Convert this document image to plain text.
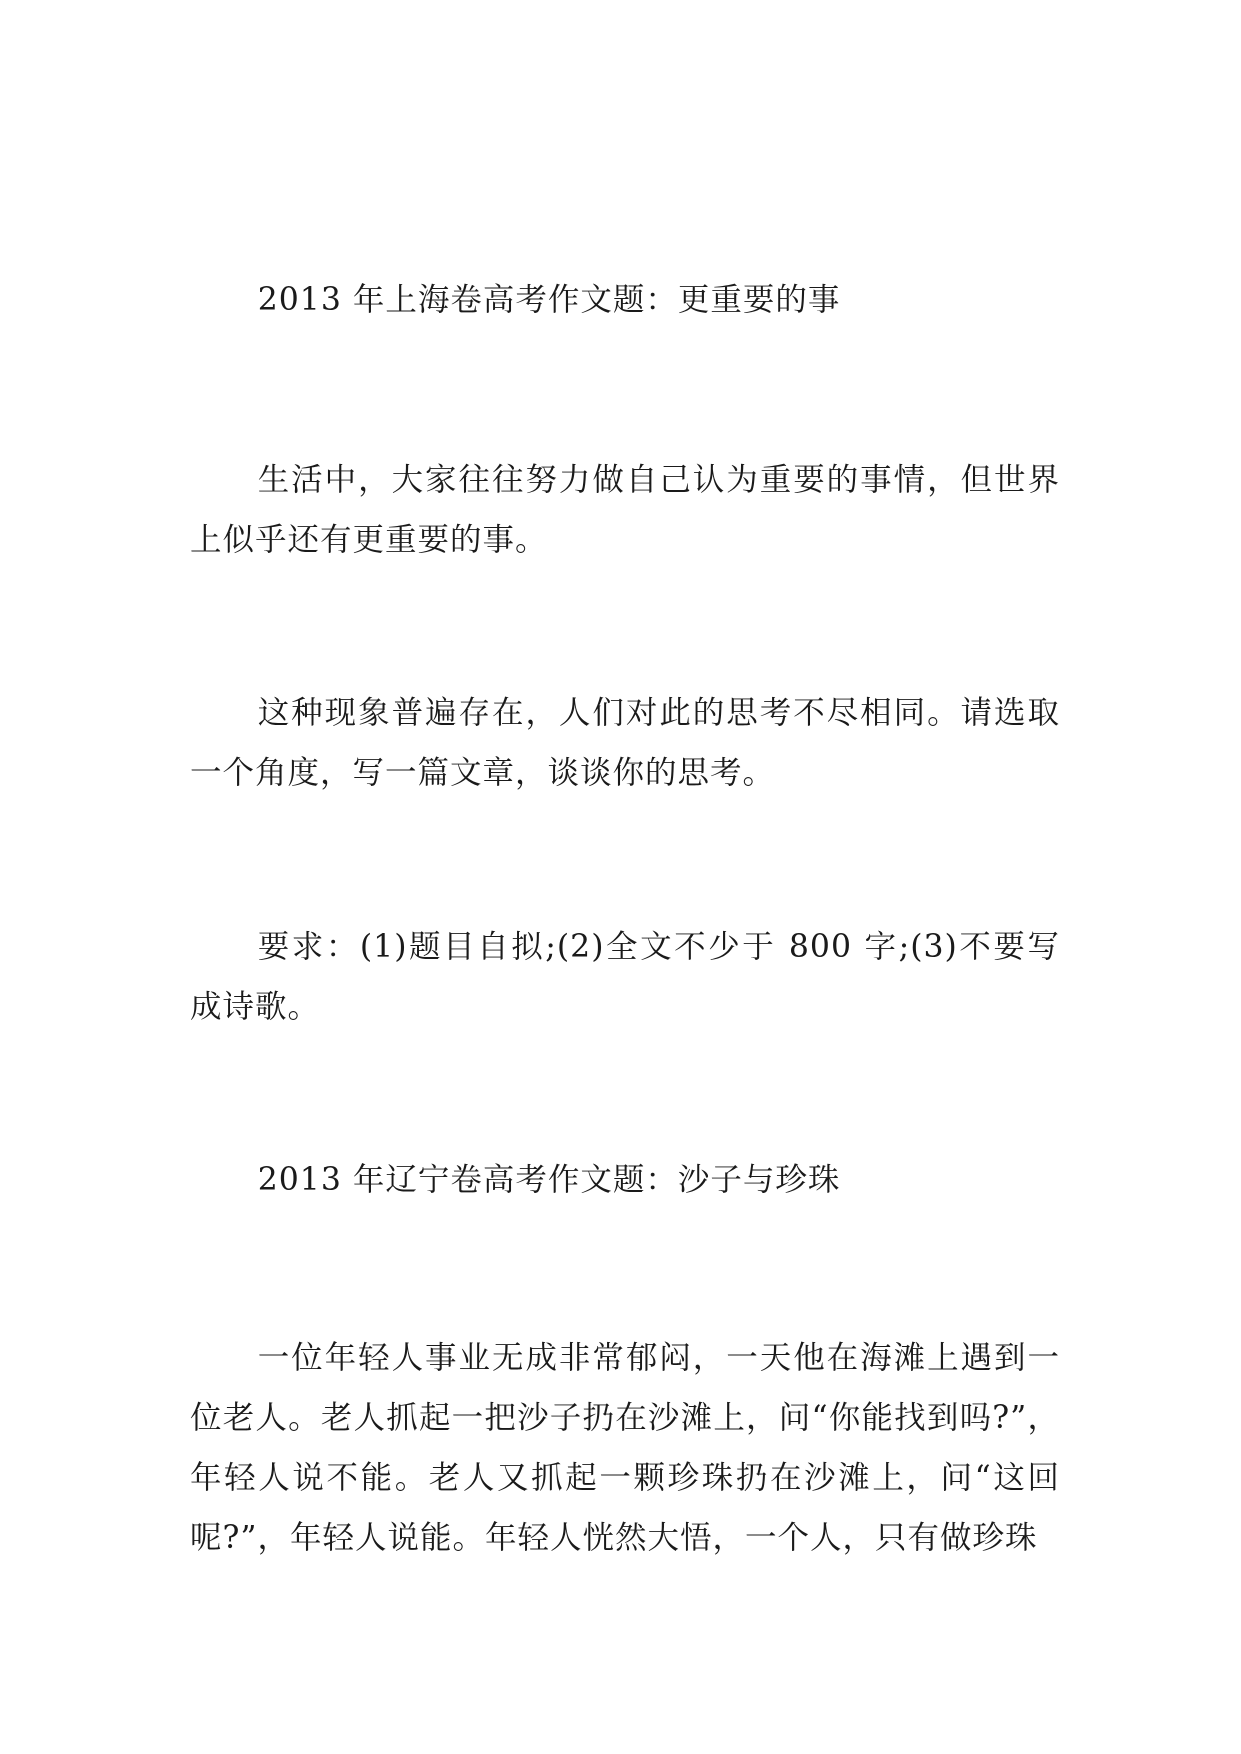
2013 年上海卷高考作文题：更重要的事

生活中，大家往往努力做自己认为重要的事情，但世界上似乎还有更重要的事。

这种现象普遍存在，人们对此的思考不尽相同。请选取一个角度，写一篇文章，谈谈你的思考。

要求：(1)题目自拟;(2)全文不少于 800 字;(3)不要写成诗歌。

2013 年辽宁卷高考作文题：沙子与珍珠

一位年轻人事业无成非常郁闷，一天他在海滩上遇到一位老人。老人抓起一把沙子扔在沙滩上，问“你能找到吗?”，年轻人说不能。老人又抓起一颗珍珠扔在沙滩上，问“这回呢?”，年轻人说能。年轻人恍然大悟，一个人，只有做珍珠
